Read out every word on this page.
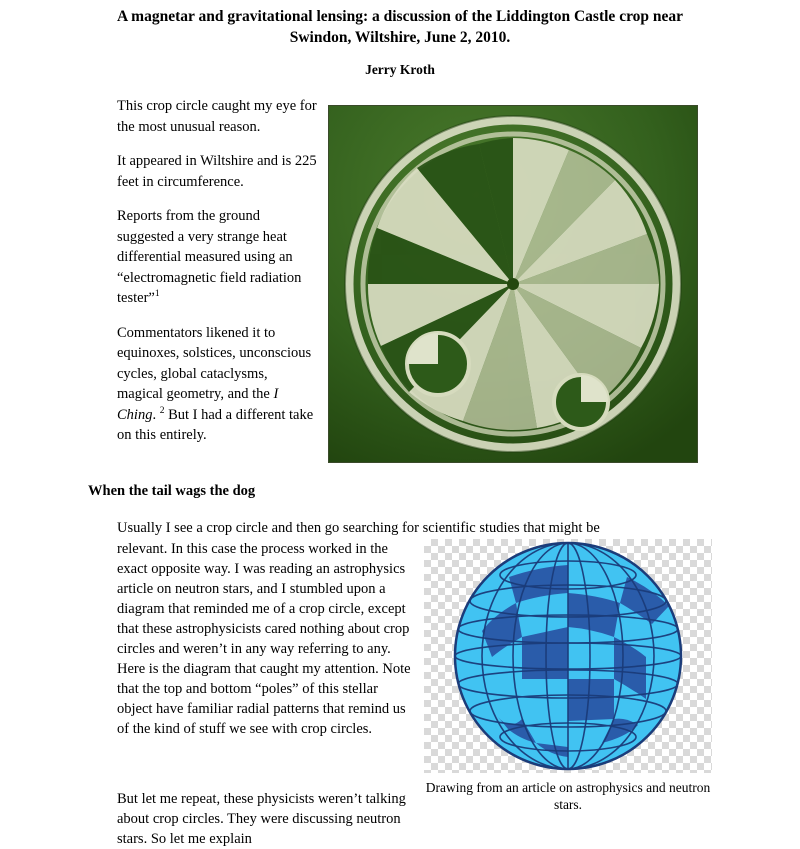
A magnetar and gravitational lensing: a discussion of the Liddington Castle crop near Swindon, Wiltshire, June 2, 2010.
Jerry Kroth

This crop circle caught my eye for the most unusual reason.

It appeared in Wiltshire and is 225 feet in circumference.

Reports from the ground suggested a very strange heat differential measured using an “electromagnetic field radiation tester”$^1$

Commentators likened it to equinoxes, solstices, unconscious cycles, global cataclysms, magical geometry, and the I Ching. $^2$ But I had a different take on this entirely.

When the tail wags the dog
Usually I see a crop circle and then go searching for scientific studies that might be
relevant. In this case the process worked in the exact opposite way. I was reading an astrophysics article on neutron stars, and I stumbled upon a diagram that reminded me of a crop circle, except that these astrophysicists cared nothing about crop circles and weren’t in any way referring to any. Here is the diagram that caught my attention. Note that the top and bottom “poles” of this stellar object have familiar radial patterns that remind us of the kind of stuff we see with crop circles.
Drawing from an article on astrophysics and neutron stars.
But let me repeat, these physicists weren’t talking about crop circles. They were discussing neutron stars. So let me explain
